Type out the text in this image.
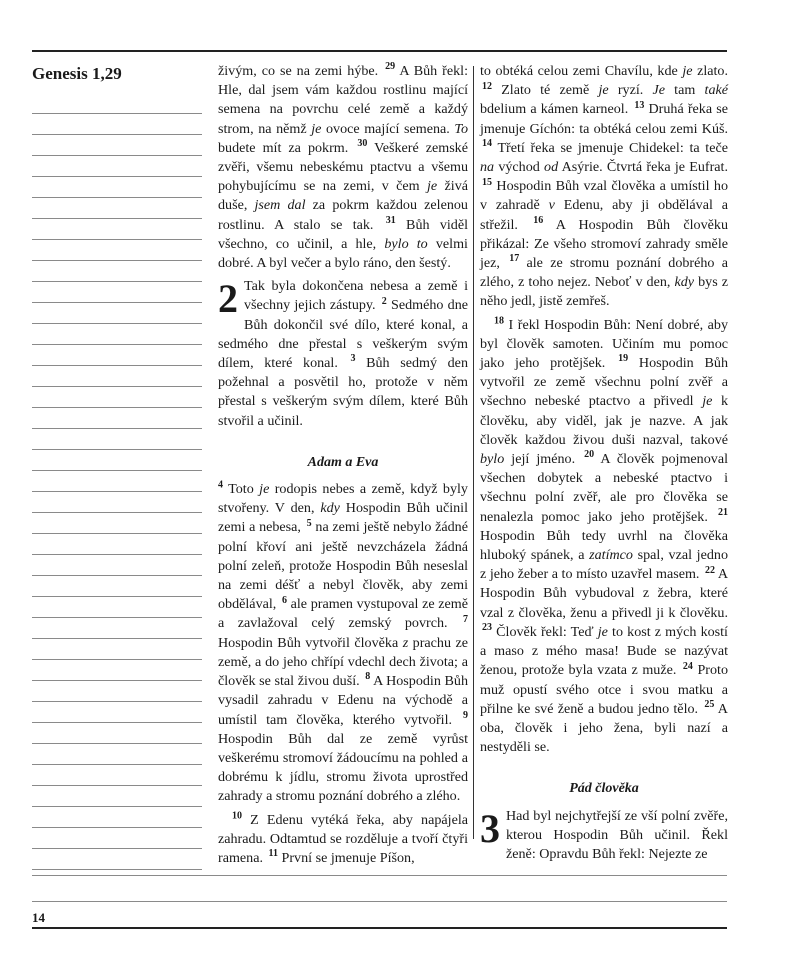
Genesis 1,29	živým, co se na zemi hýbe. $^{29}$ A Bůh řekl: Hle, dal jsem vám každou rostlinu mající semena na povrchu celé země a každý strom, na němž je ovoce mající semena. To budete mít za pokrm. $^{30}$ Veškeré zemské zvěři, všemu nebeskému ptactvu a všemu pohybujícímu se na zemi, v čem je živá duše, jsem dal za pokrm každou zelenou rostlinu. A stalo se tak. $^{31}$ Bůh viděl všechno, co učinil, a hle, bylo to velmi dobré. A byl večer a bylo ráno, den šestý.

2 Tak byla dokončena nebesa a země i všechny jejich zástupy. $^2$ Sedmého dne Bůh dokončil své dílo, které konal, a sedmého dne přestal s veškerým svým dílem, které konal. $^3$ Bůh sedmý den požehnal a posvětil ho, protože v něm přestal s veškerým svým dílem, které Bůh stvořil a učinil.

Adam a Eva

$^4$ Toto je rodopis nebes a země, když byly stvořeny. V den, kdy Hospodin Bůh učinil zemi a nebesa, $^5$ na zemi ještě nebylo žádné polní křoví ani ještě nevzcházela žádná polní zeleň, protože Hospodin Bůh neseslal na zemi déšť a nebyl člověk, aby zemi obdělával, $^6$ ale pramen vystupoval ze země a zavlažoval celý zemský povrch. $^7$ Hospodin Bůh vytvořil člověka z prachu ze země, a do jeho chřípí vdechl dech života; a člověk se stal živou duší. $^8$ A Hospodin Bůh vysadil zahradu v Edenu na východě a umístil tam člověka, kterého vytvořil. $^9$ Hospodin Bůh dal ze země vyrůst veškerému stromoví žádoucímu na pohled a dobrému k jídlu, stromu života uprostřed zahrady a stromu poznání dobrého a zlého.

$^{10}$ Z Edenu vytéká řeka, aby napájela zahradu. Odtamtud se rozděluje a tvoří čtyři ramena. $^{11}$ První se jmenuje Píšon,

to obtéká celou zemi Chavílu, kde je zlato. $^{12}$ Zlato té země je ryzí. Je tam také bdelium a kámen karneol. $^{13}$ Druhá řeka se jmenuje Gíchón: ta obtéká celou zemi Kúš. $^{14}$ Třetí řeka se jmenuje Chidekel: ta teče na východ od Asýrie. Čtvrtá řeka je Eufrat. $^{15}$ Hospodin Bůh vzal člověka a umístil ho v zahradě v Edenu, aby ji obdělával a střežil. $^{16}$ A Hospodin Bůh člověku přikázal: Ze všeho stromoví zahrady směle jez, $^{17}$ ale ze stromu poznání dobrého a zlého, z toho nejez. Neboť v den, kdy bys z něho jedl, jistě zemřeš.

$^{18}$ I řekl Hospodin Bůh: Není dobré, aby byl člověk samoten. Učiním mu pomoc jako jeho protějšek. $^{19}$ Hospodin Bůh vytvořil ze země všechnu polní zvěř a všechno nebeské ptactvo a přivedl je k člověku, aby viděl, jak je nazve. A jak člověk každou živou duši nazval, takové bylo její jméno. $^{20}$ A člověk pojmenoval všechen dobytek a nebeské ptactvo i všechnu polní zvěř, ale pro člověka se nenalezla pomoc jako jeho protějšek. $^{21}$ Hospodin Bůh tedy uvrhl na člověka hluboký spánek, a zatímco spal, vzal jedno z jeho žeber a to místo uzavřel masem. $^{22}$ A Hospodin Bůh vybudoval z žebra, které vzal z člověka, ženu a přivedl ji k člověku. $^{23}$ Člověk řekl: Teď je to kost z mých kostí a maso z mého masa! Bude se nazývat ženou, protože byla vzata z muže. $^{24}$ Proto muž opustí svého otce i svou matku a přilne ke své ženě a budou jedno tělo. $^{25}$ A oba, člověk i jeho žena, byli nazí a nestyděli se.

Pád člověka

3 Had byl nejchytřejší ze vší polní zvěře, kterou Hospodin Bůh učinil. Řekl ženě: Opravdu Bůh řekl: Nejezte ze

14
